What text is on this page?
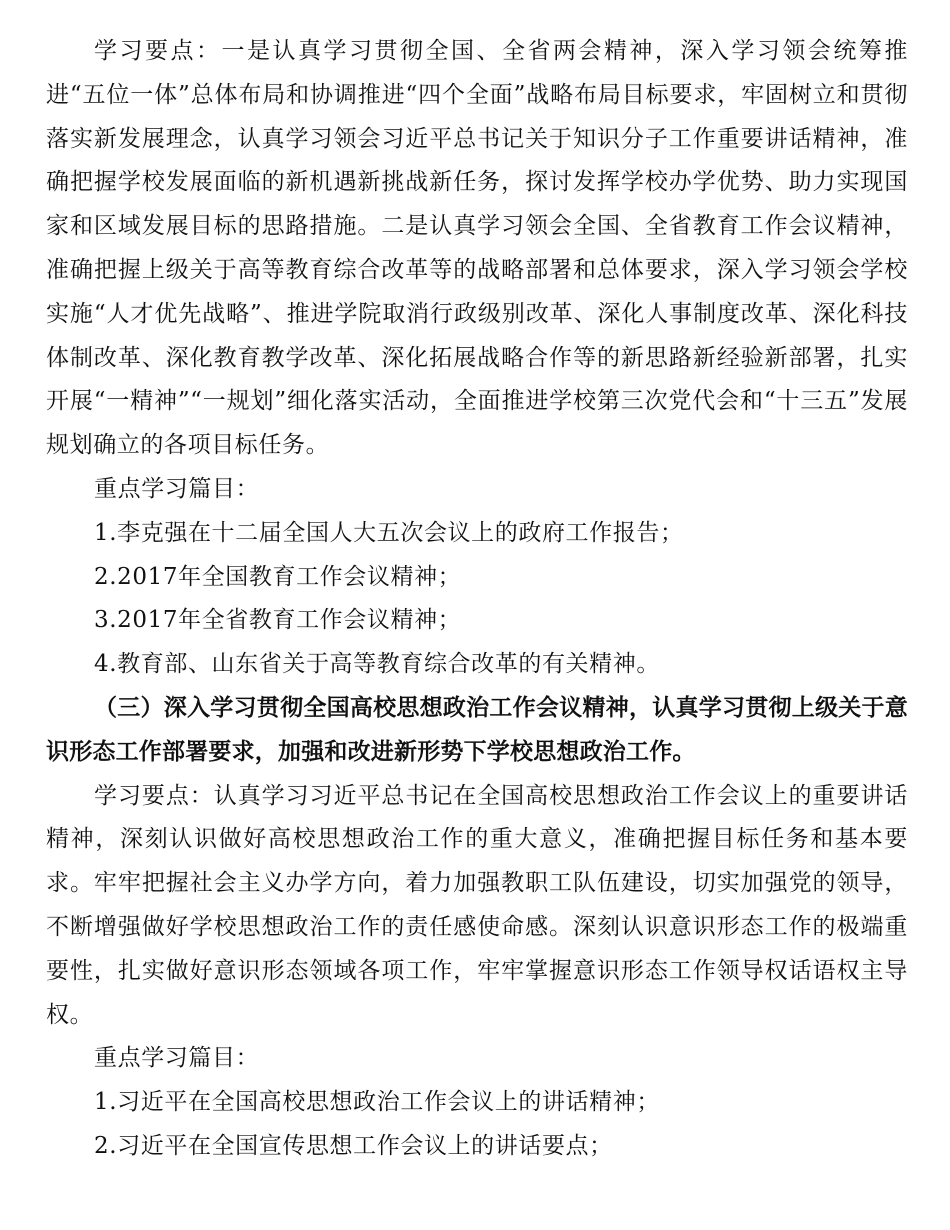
学习要点：一是认真学习贯彻全国、全省两会精神，深入学习领会统筹推进“五位一体”总体布局和协调推进“四个全面”战略布局目标要求，牢固树立和贯彻落实新发展理念，认真学习领会习近平总书记关于知识分子工作重要讲话精神，准确把握学校发展面临的新机遇新挑战新任务，探讨发挥学校办学优势、助力实现国家和区域发展目标的思路措施。二是认真学习领会全国、全省教育工作会议精神，准确把握上级关于高等教育综合改革等的战略部署和总体要求，深入学习领会学校实施“人才优先战略”、推进学院取消行政级别改革、深化人事制度改革、深化科技体制改革、深化教育教学改革、深化拓展战略合作等的新思路新经验新部署，扎实开展“一精神”“一规划”细化落实活动，全面推进学校第三次党代会和“十三五”发展规划确立的各项目标任务。

重点学习篇目：

1.李克强在十二届全国人大五次会议上的政府工作报告；
2.2017年全国教育工作会议精神；
3.2017年全省教育工作会议精神；
4.教育部、山东省关于高等教育综合改革的有关精神。

（三）深入学习贯彻全国高校思想政治工作会议精神，认真学习贯彻上级关于意识形态工作部署要求，加强和改进新形势下学校思想政治工作。

学习要点：认真学习习近平总书记在全国高校思想政治工作会议上的重要讲话精神，深刻认识做好高校思想政治工作的重大意义，准确把握目标任务和基本要求。牢牢把握社会主义办学方向，着力加强教职工队伍建设，切实加强党的领导，不断增强做好学校思想政治工作的责任感使命感。深刻认识意识形态工作的极端重要性，扎实做好意识形态领域各项工作，牢牢掌握意识形态工作领导权话语权主导权。

重点学习篇目：

1.习近平在全国高校思想政治工作会议上的讲话精神；
2.习近平在全国宣传思想工作会议上的讲话要点；
